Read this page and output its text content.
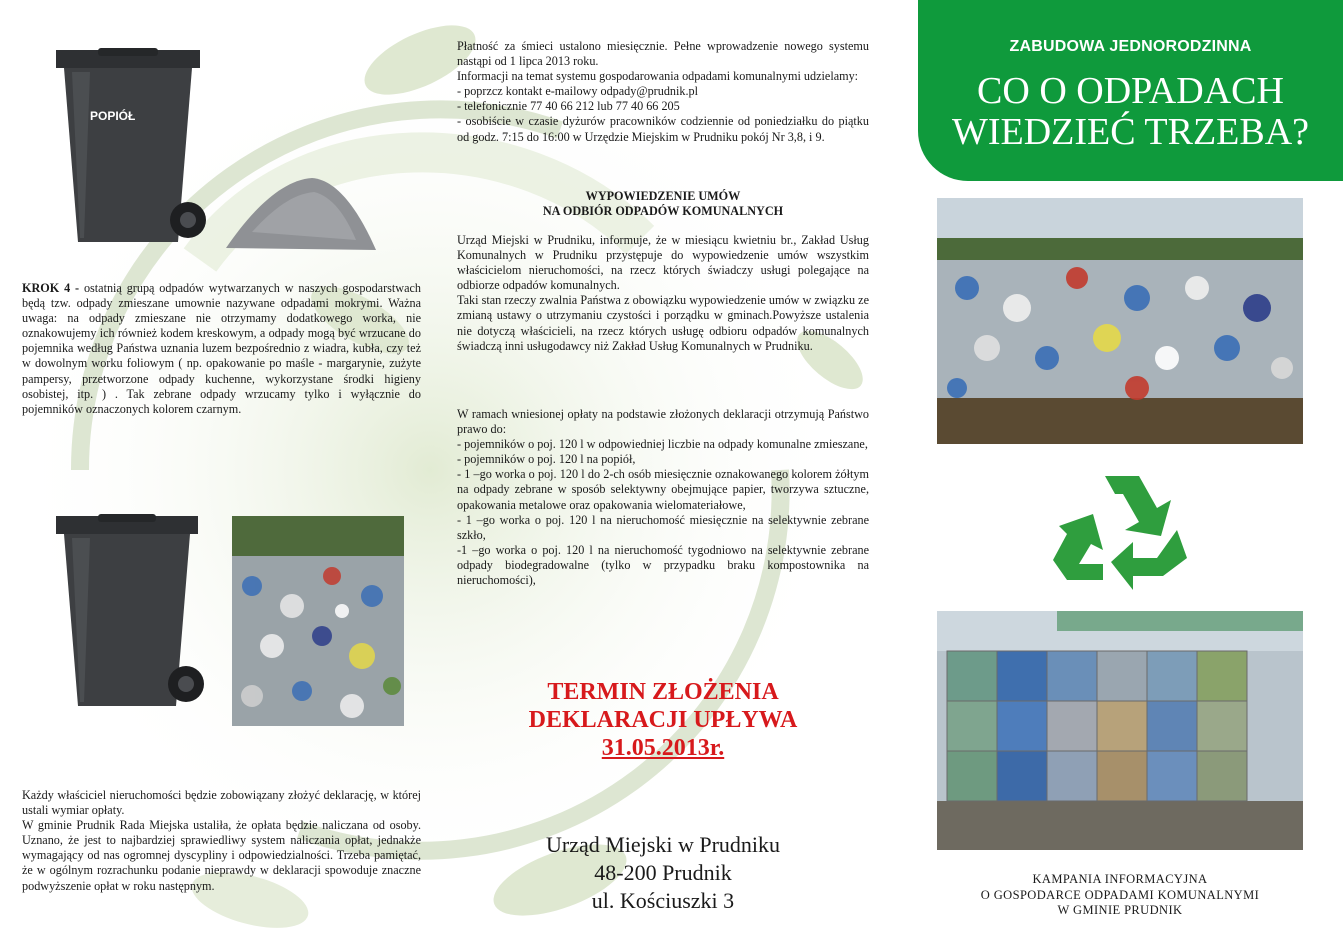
POPIÓŁ

KROK 4 - ostatnią grupą odpadów wytwarzanych w naszych gospodarstwach będą tzw. odpady zmieszane umownie nazywane odpadami mokrymi. Ważna uwaga: na odpady zmieszane nie otrzymamy dodatkowego worka, nie oznakowujemy ich również kodem kreskowym, a odpady mogą być wrzucane do pojemnika według Państwa uznania luzem bezpośrednio z wiadra, kubła, czy też w dowolnym worku foliowym ( np. opakowanie po maśle - margarynie, zużyte pampersy, przetworzone odpady kuchenne, wykorzystane środki higieny osobistej, itp. ) . Tak zebrane odpady wrzucamy tylko i wyłącznie do pojemników oznaczonych kolorem czarnym.

Każdy właściciel nieruchomości będzie zobowiązany złożyć deklarację, w której ustali wymiar opłaty.

W gminie Prudnik Rada Miejska ustaliła, że opłata będzie naliczana od osoby. Uznano, że jest to najbardziej sprawiedliwy system naliczania opłat, jednakże wymagający od nas ogromnej dyscypliny i odpowiedzialności. Trzeba pamiętać, że w ogólnym rozrachunku podanie nieprawdy w deklaracji spowoduje znaczne podwyższenie opłat w roku następnym.

Płatność za śmieci ustalono miesięcznie. Pełne wprowadzenie nowego systemu nastąpi od 1 lipca 2013 roku.

Informacji na temat systemu gospodarowania odpadami komunalnymi udzielamy:

- poprzcz kontakt e-mailowy odpady@prudnik.pl

- telefonicznie 77 40 66 212 lub 77 40 66 205

- osobiście w czasie dyżurów pracowników codziennie od poniedziałku do piątku od godz. 7:15 do 16:00 w Urzędzie Miejskim w Prudniku pokój Nr 3,8, i 9.

WYPOWIEDZENIE UMÓW
NA ODBIÓR ODPADÓW KOMUNALNYCH

Urząd Miejski w Prudniku, informuje, że w miesiącu kwietniu br., Zakład Usług Komunalnych w Prudniku przystępuje do wypowiedzenie umów wszystkim właścicielom nieruchomości, na rzecz których świadczy usługi polegające na odbiorze odpadów komunalnych.

Taki stan rzeczy zwalnia Państwa z obowiązku wypowiedzenie umów w związku ze zmianą ustawy o utrzymaniu czystości i porządku w gminach.Powyższe ustalenia nie dotyczą właścicieli, na rzecz których usługę odbioru odpadów komunalnych świadczą inni usługodawcy niż Zakład Usług Komunalnych w Prudniku.

W ramach wniesionej opłaty na podstawie złożonych deklaracji otrzymują Państwo prawo do:

- pojemników o poj. 120 l w odpowiedniej liczbie na odpady komunalne zmieszane,

- pojemników o poj. 120 l na popiół,

- 1 –go worka o poj. 120 l do 2-ch osób miesięcznie oznakowanego kolorem żółtym na odpady zebrane w sposób selektywny obejmujące papier, tworzywa sztuczne, opakowania metalowe oraz opakowania wielomateriałowe,

- 1 –go worka o poj. 120 l na nieruchomość miesięcznie na selektywnie zebrane szkło,

-1 –go worka o poj. 120 l na nieruchomość tygodniowo na selektywnie zebrane odpady biodegradowalne (tylko w przypadku braku kompostownika na nieruchomości),

TERMIN ZŁOŻENIA
DEKLARACJI UPŁYWA
31.05.2013r.
Urząd Miejski w Prudniku
48-200 Prudnik
ul. Kościuszki 3
ZABUDOWA JEDNORODZINNA
CO O ODPADACH
WIEDZIEĆ TRZEBA?
KAMPANIA INFORMACYJNA
O GOSPODARCE ODPADAMI KOMUNALNYMI
W GMINIE PRUDNIK
